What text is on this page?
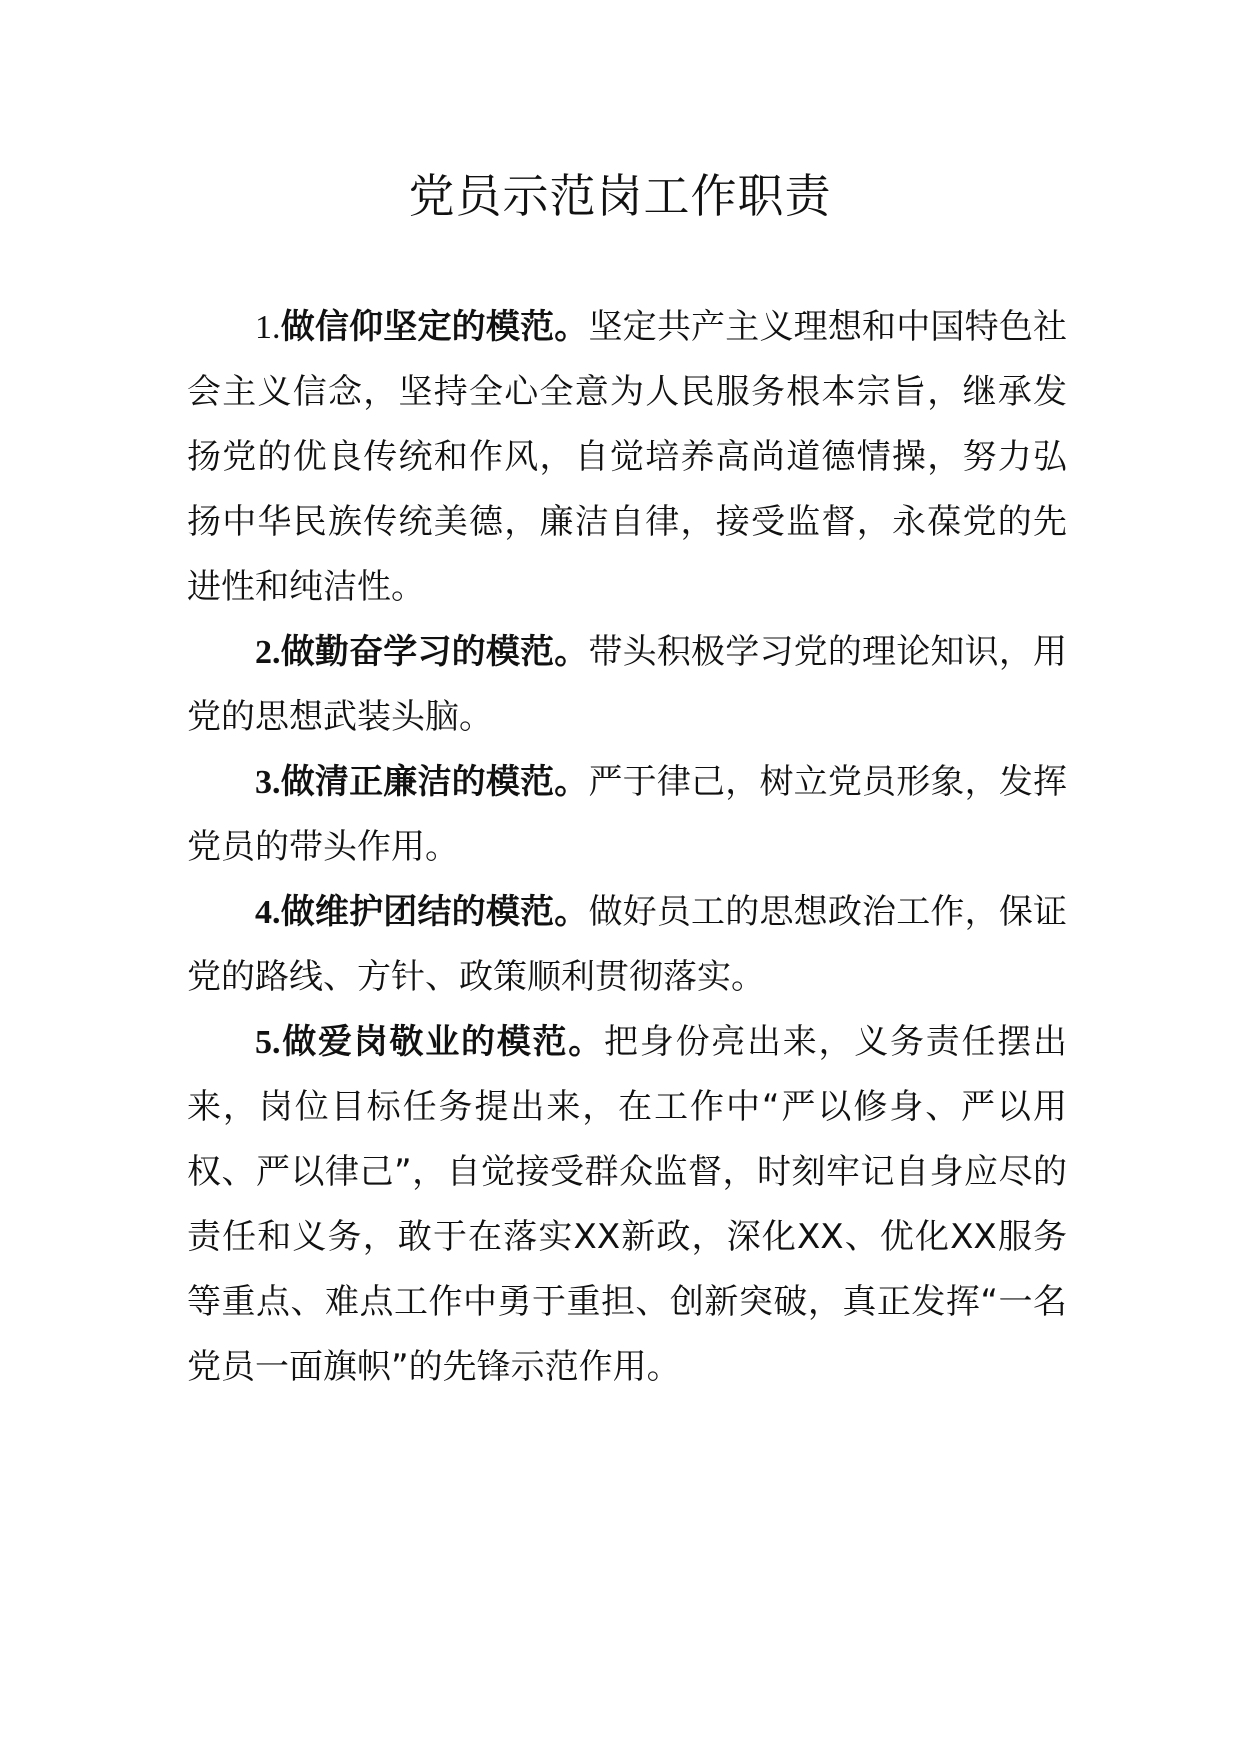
党员示范岗工作职责

1.做信仰坚定的模范。坚定共产主义理想和中国特色社会主义信念，坚持全心全意为人民服务根本宗旨，继承发扬党的优良传统和作风，自觉培养高尚道德情操，努力弘扬中华民族传统美德，廉洁自律，接受监督，永葆党的先进性和纯洁性。

2.做勤奋学习的模范。带头积极学习党的理论知识，用党的思想武装头脑。

3.做清正廉洁的模范。严于律己，树立党员形象，发挥党员的带头作用。

4.做维护团结的模范。做好员工的思想政治工作，保证党的路线、方针、政策顺利贯彻落实。

5.做爱岗敬业的模范。把身份亮出来，义务责任摆出来，岗位目标任务提出来，在工作中“严以修身、严以用权、严以律己”，自觉接受群众监督，时刻牢记自身应尽的责任和义务，敢于在落实XX新政，深化XX、优化XX服务等重点、难点工作中勇于重担、创新突破，真正发挥“一名党员一面旗帜”的先锋示范作用。
